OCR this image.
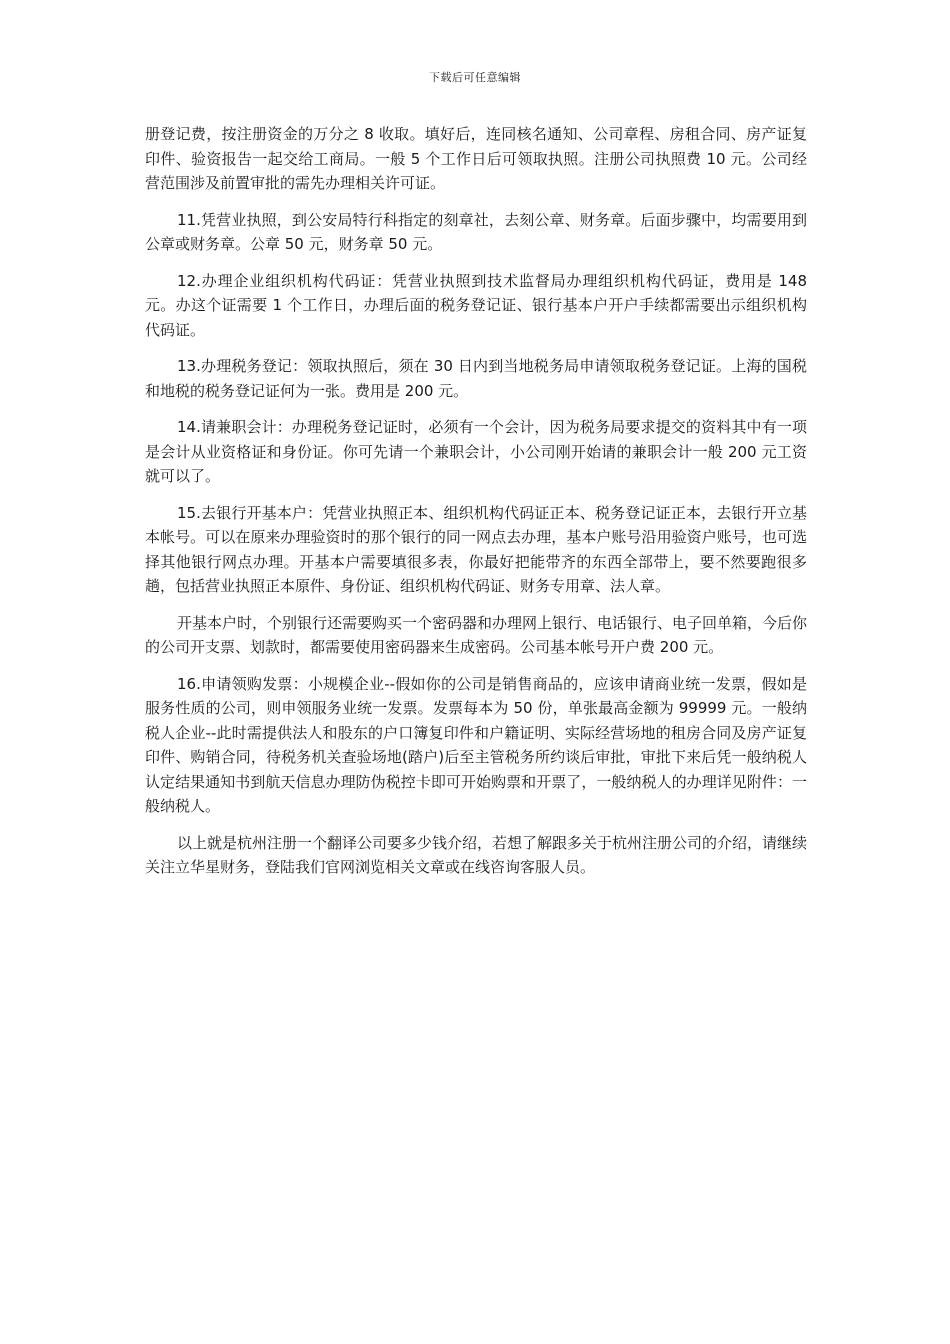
下载后可任意编辑

册登记费，按注册资金的万分之 8 收取。填好后，连同核名通知、公司章程、房租合同、房产证复印件、验资报告一起交给工商局。一般 5 个工作日后可领取执照。注册公司执照费 10 元。公司经营范围涉及前置审批的需先办理相关许可证。

11.凭营业执照，到公安局特行科指定的刻章社，去刻公章、财务章。后面步骤中，均需要用到公章或财务章。公章 50 元，财务章 50 元。

12.办理企业组织机构代码证：凭营业执照到技术监督局办理组织机构代码证，费用是 148 元。办这个证需要 1 个工作日，办理后面的税务登记证、银行基本户开户手续都需要出示组织机构代码证。

13.办理税务登记：领取执照后，须在 30 日内到当地税务局申请领取税务登记证。上海的国税和地税的税务登记证何为一张。费用是 200 元。

14.请兼职会计：办理税务登记证时，必须有一个会计，因为税务局要求提交的资料其中有一项是会计从业资格证和身份证。你可先请一个兼职会计，小公司刚开始请的兼职会计一般 200 元工资就可以了。

15.去银行开基本户：凭营业执照正本、组织机构代码证正本、税务登记证正本，去银行开立基本帐号。可以在原来办理验资时的那个银行的同一网点去办理，基本户账号沿用验资户账号，也可选择其他银行网点办理。开基本户需要填很多表，你最好把能带齐的东西全部带上，要不然要跑很多趟，包括营业执照正本原件、身份证、组织机构代码证、财务专用章、法人章。

开基本户时，个别银行还需要购买一个密码器和办理网上银行、电话银行、电子回单箱，今后你的公司开支票、划款时，都需要使用密码器来生成密码。公司基本帐号开户费 200 元。

16.申请领购发票：小规模企业--假如你的公司是销售商品的，应该申请商业统一发票，假如是服务性质的公司，则申领服务业统一发票。发票每本为 50 份，单张最高金额为 99999 元。一般纳税人企业--此时需提供法人和股东的户口簿复印件和户籍证明、实际经营场地的租房合同及房产证复印件、购销合同，待税务机关查验场地(踏户)后至主管税务所约谈后审批，审批下来后凭一般纳税人认定结果通知书到航天信息办理防伪税控卡即可开始购票和开票了，一般纳税人的办理详见附件：一般纳税人。

以上就是杭州注册一个翻译公司要多少钱介绍，若想了解跟多关于杭州注册公司的介绍，请继续关注立华星财务，登陆我们官网浏览相关文章或在线咨询客服人员。
